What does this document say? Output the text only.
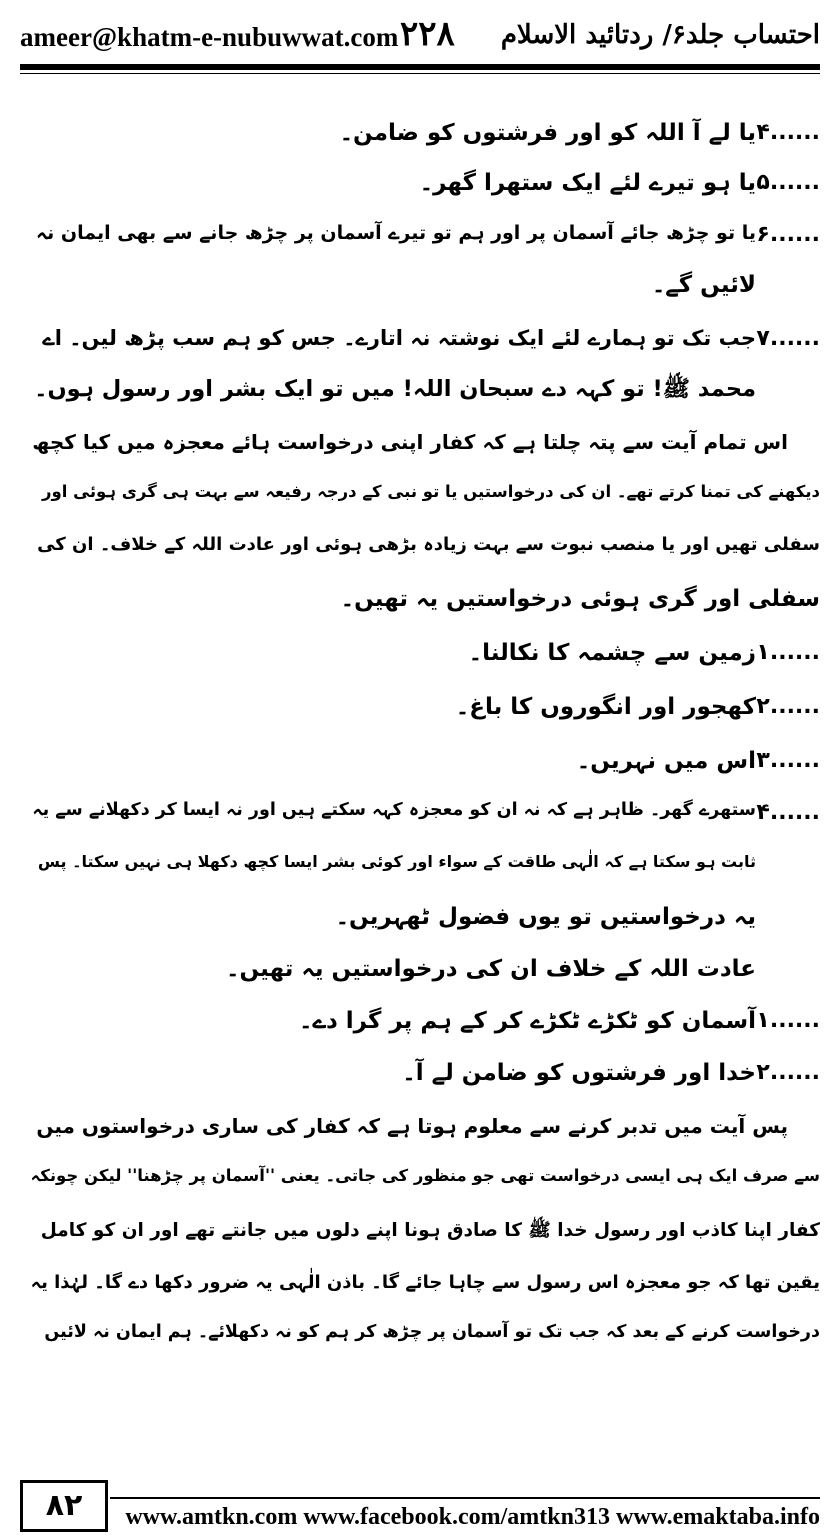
ameer@khatm-e-nubuwwat.com ۲۲۸ احتساب جلد۶/ ردتائید الاسلام
یا لے آ اللہ کو اور فرشتوں کو ضامن۔ ۴......
یا ہو تیرے لئے ایک ستھرا گھر۔ ۵......
یا تو چڑھ جائے آسمان پر اور ہم تو تیرے آسمان پر چڑھ جانے سے بھی ایمان نہ ۶......
لائیں گے۔
جب تک تو ہمارے لئے ایک نوشتہ نہ اتارے۔ جس کو ہم سب پڑھ لیں۔ اے ۷......
محمد ﷺ! تو کہہ دے سبحان اللہ! میں تو ایک بشر اور رسول ہوں۔
اس تمام آیت سے پتہ چلتا ہے کہ کفار اپنی درخواست ہائے معجزہ میں کیا کچھ
دیکھنے کی تمنا کرتے تھے۔ ان کی درخواستیں یا تو نبی کے درجہ رفیعہ سے بہت ہی گری ہوئی اور
سفلی تھیں اور یا منصب نبوت سے بہت زیادہ بڑھی ہوئی اور عادت اللہ کے خلاف۔ ان کی
سفلی اور گری ہوئی درخواستیں یہ تھیں۔
زمین سے چشمہ کا نکالنا۔ ۱......
کھجور اور انگوروں کا باغ۔ ۲......
اس میں نہریں۔ ۳......
ستھرے گھر۔ ظاہر ہے کہ نہ ان کو معجزہ کہہ سکتے ہیں اور نہ ایسا کر دکھلانے سے یہ ۴......
ثابت ہو سکتا ہے کہ الٰہی طاقت کے سواء اور کوئی بشر ایسا کچھ دکھلا ہی نہیں سکتا۔ پس
یہ درخواستیں تو یوں فضول ٹھہریں۔
عادت اللہ کے خلاف ان کی درخواستیں یہ تھیں۔
آسمان کو ٹکڑے ٹکڑے کر کے ہم پر گرا دے۔ ۱......
خدا اور فرشتوں کو ضامن لے آ۔ ۲......
پس آیت میں تدبر کرنے سے معلوم ہوتا ہے کہ کفار کی ساری درخواستوں میں
سے صرف ایک ہی ایسی درخواست تھی جو منظور کی جاتی۔ یعنی ''آسمان پر چڑھنا'' لیکن چونکہ
کفار اپنا کاذب اور رسول خدا ﷺ کا صادق ہونا اپنے دلوں میں جانتے تھے اور ان کو کامل
یقین تھا کہ جو معجزہ اس رسول سے چاہا جائے گا۔ باذن الٰہی یہ ضرور دکھا دے گا۔ لہٰذا یہ
درخواست کرنے کے بعد کہ جب تک تو آسمان پر چڑھ کر ہم کو نہ دکھلائے۔ ہم ایمان نہ لائیں
۸۲	www.amtkn.com www.facebook.com/amtkn313 www.emaktaba.info
